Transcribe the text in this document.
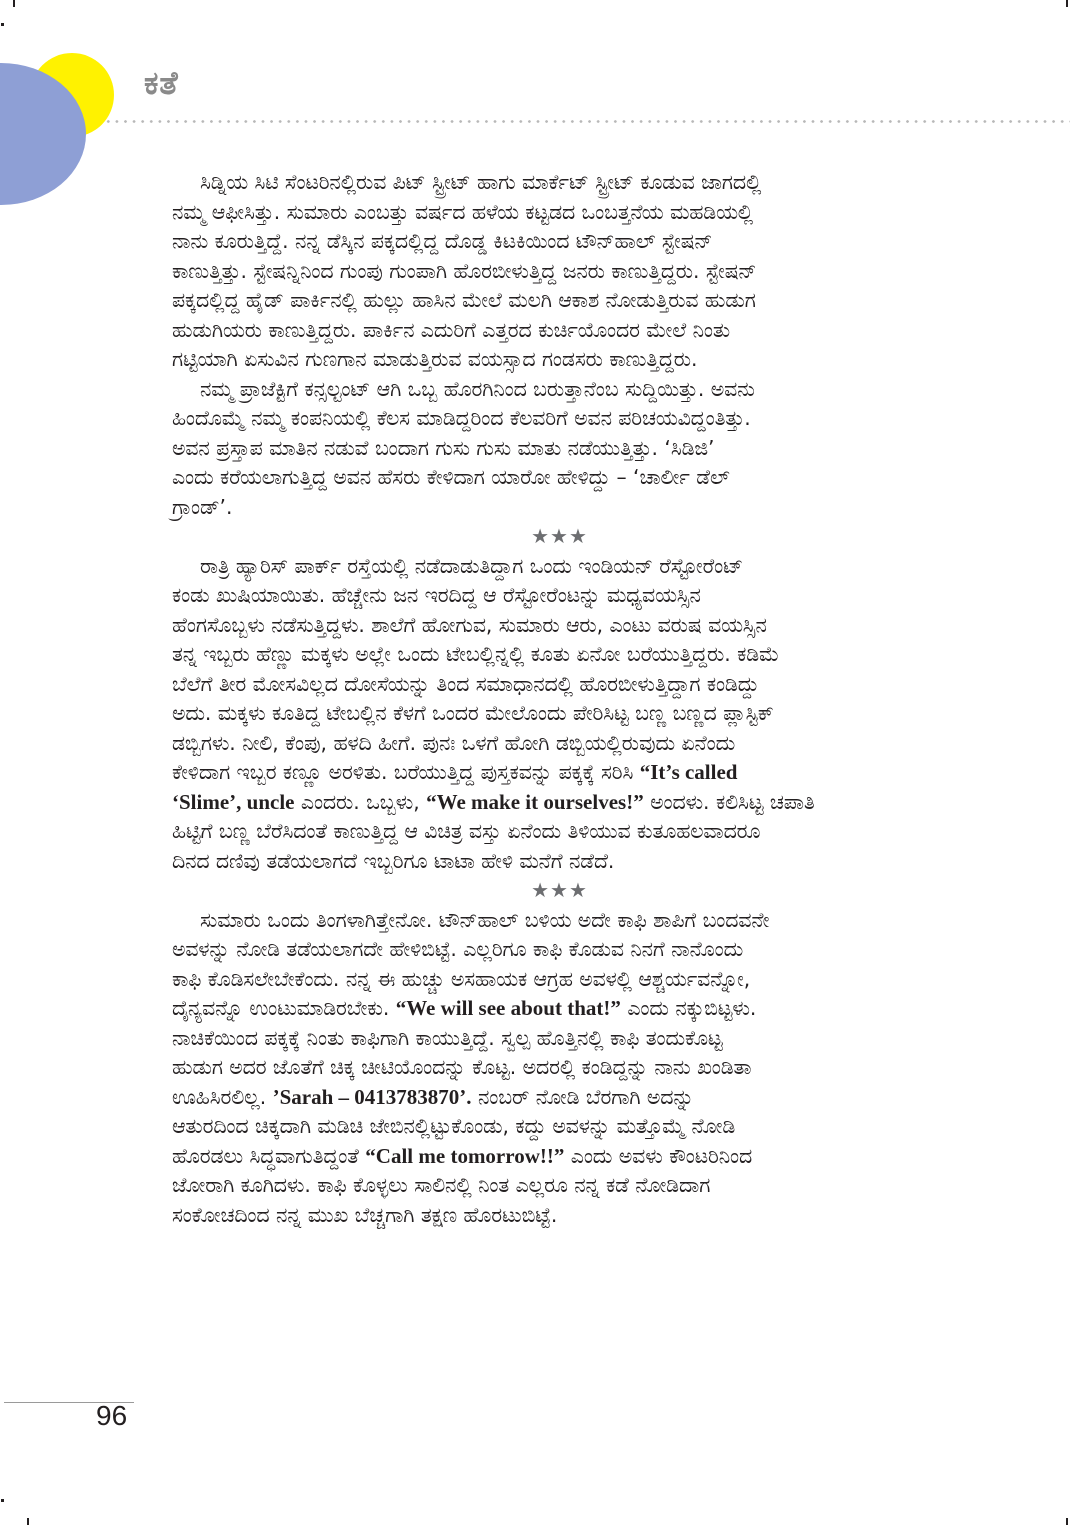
ಕತೆ
ಸಿಡ್ನಿಯ ಸಿಟಿ ಸೆಂಟರಿನಲ್ಲಿರುವ ಪಿಟ್ ಸ್ಟ್ರೀಟ್ ಹಾಗು ಮಾರ್ಕೆಟ್ ಸ್ಟ್ರೀಟ್ ಕೂಡುವ ಜಾಗದಲ್ಲಿ
ನಮ್ಮ ಆಫೀಸಿತ್ತು. ಸುಮಾರು ಎಂಬತ್ತು ವರ್ಷದ ಹಳೆಯ ಕಟ್ಟಡದ ಒಂಬತ್ತನೆಯ ಮಹಡಿಯಲ್ಲಿ
ನಾನು ಕೂರುತ್ತಿದ್ದೆ. ನನ್ನ ಡೆಸ್ಕಿನ ಪಕ್ಕದಲ್ಲಿದ್ದ ದೊಡ್ಡ ಕಿಟಕಿಯಿಂದ ಟೌನ್‌ಹಾಲ್ ಸ್ಟೇಷನ್
ಕಾಣುತ್ತಿತ್ತು. ಸ್ಟೇಷನ್ನಿನಿಂದ ಗುಂಪು ಗುಂಪಾಗಿ ಹೊರಬೀಳುತ್ತಿದ್ದ ಜನರು ಕಾಣುತ್ತಿದ್ದರು. ಸ್ಟೇಷನ್
ಪಕ್ಕದಲ್ಲಿದ್ದ ಹೈಡ್ ಪಾರ್ಕಿನಲ್ಲಿ ಹುಲ್ಲು ಹಾಸಿನ ಮೇಲೆ ಮಲಗಿ ಆಕಾಶ ನೋಡುತ್ತಿರುವ ಹುಡುಗ
ಹುಡುಗಿಯರು ಕಾಣುತ್ತಿದ್ದರು. ಪಾರ್ಕಿನ ಎದುರಿಗೆ ಎತ್ತರದ ಕುರ್ಚಿಯೊಂದರ ಮೇಲೆ ನಿಂತು
ಗಟ್ಟಿಯಾಗಿ ಏಸುವಿನ ಗುಣಗಾನ ಮಾಡುತ್ತಿರುವ ವಯಸ್ಸಾದ ಗಂಡಸರು ಕಾಣುತ್ತಿದ್ದರು.
ನಮ್ಮ ಪ್ರಾಜೆಕ್ಟಿಗೆ ಕನ್ಸಲ್ಟಂಟ್ ಆಗಿ ಒಬ್ಬ ಹೊರಗಿನಿಂದ ಬರುತ್ತಾನೆಂಬ ಸುದ್ದಿಯಿತ್ತು. ಅವನು
ಹಿಂದೊಮ್ಮೆ ನಮ್ಮ ಕಂಪನಿಯಲ್ಲಿ ಕೆಲಸ ಮಾಡಿದ್ದರಿಂದ ಕೆಲವರಿಗೆ ಅವನ ಪರಿಚಯವಿದ್ದಂತಿತ್ತು.
ಅವನ ಪ್ರಸ್ತಾಪ ಮಾತಿನ ನಡುವೆ ಬಂದಾಗ ಗುಸು ಗುಸು ಮಾತು ನಡೆಯುತ್ತಿತ್ತು. ‘ಸಿಡಿಜಿ’
ಎಂದು ಕರೆಯಲಾಗುತ್ತಿದ್ದ ಅವನ ಹೆಸರು ಕೇಳಿದಾಗ ಯಾರೋ ಹೇಳಿದ್ದು – ‘ಚಾರ್ಲೀ ಡೆಲ್
ಗ್ರಾಂಡ್’.
★★★
ರಾತ್ರಿ ಹ್ಯಾರಿಸ್ ಪಾರ್ಕ್ ರಸ್ತೆಯಲ್ಲಿ ನಡೆದಾಡುತಿದ್ದಾಗ ಒಂದು ಇಂಡಿಯನ್ ರೆಸ್ಟೋರೆಂಟ್
ಕಂಡು ಖುಷಿಯಾಯಿತು. ಹೆಚ್ಚೇನು ಜನ ಇರದಿದ್ದ ಆ ರೆಸ್ಟೋರೆಂಟನ್ನು ಮಧ್ಯವಯಸ್ಸಿನ
ಹೆಂಗಸೊಬ್ಬಳು ನಡೆಸುತ್ತಿದ್ದಳು. ಶಾಲೆಗೆ ಹೋಗುವ, ಸುಮಾರು ಆರು, ಎಂಟು ವರುಷ ವಯಸ್ಸಿನ
ತನ್ನ ಇಬ್ಬರು ಹೆಣ್ಣು ಮಕ್ಕಳು ಅಲ್ಲೇ ಒಂದು ಟೇಬಲ್ಲಿನ್ನಲ್ಲಿ ಕೂತು ಏನೋ ಬರೆಯುತ್ತಿದ್ದರು. ಕಡಿಮೆ
ಬೆಲೆಗೆ ತೀರ ಮೋಸವಿಲ್ಲದ ದೋಸೆಯನ್ನು ತಿಂದ ಸಮಾಧಾನದಲ್ಲಿ ಹೊರಬೀಳುತ್ತಿದ್ದಾಗ ಕಂಡಿದ್ದು
ಅದು. ಮಕ್ಕಳು ಕೂತಿದ್ದ ಟೇಬಲ್ಲಿನ ಕೆಳಗೆ ಒಂದರ ಮೇಲೊಂದು ಪೇರಿಸಿಟ್ಟ ಬಣ್ಣ ಬಣ್ಣದ ಪ್ಲಾಸ್ಟಿಕ್
ಡಬ್ಬಿಗಳು. ನೀಲಿ, ಕೆಂಪು, ಹಳದಿ ಹೀಗೆ. ಪುನಃ ಒಳಗೆ ಹೋಗಿ ಡಬ್ಬಿಯಲ್ಲಿರುವುದು ಏನೆಂದು
ಕೇಳಿದಾಗ ಇಬ್ಬರ ಕಣ್ಣೂ ಅರಳಿತು. ಬರೆಯುತ್ತಿದ್ದ ಪುಸ್ತಕವನ್ನು ಪಕ್ಕಕ್ಕೆ ಸರಿಸಿ “It’s called
‘Slime’, uncle ಎಂದರು. ಒಬ್ಬಳು, “We make it ourselves!” ಅಂದಳು. ಕಲಿಸಿಟ್ಟ ಚಪಾತಿ
ಹಿಟ್ಟಿಗೆ ಬಣ್ಣ ಬೆರೆಸಿದಂತೆ ಕಾಣುತ್ತಿದ್ದ ಆ ವಿಚಿತ್ರ ವಸ್ತು ಏನೆಂದು ತಿಳಿಯುವ ಕುತೂಹಲವಾದರೂ
ದಿನದ ದಣಿವು ತಡೆಯಲಾಗದೆ ಇಬ್ಬರಿಗೂ ಟಾಟಾ ಹೇಳಿ ಮನೆಗೆ ನಡೆದೆ.
★★★
ಸುಮಾರು ಒಂದು ತಿಂಗಳಾಗಿತ್ತೇನೋ. ಟೌನ್‌ಹಾಲ್ ಬಳಿಯ ಅದೇ ಕಾಫಿ ಶಾಪಿಗೆ ಬಂದವನೇ
ಅವಳನ್ನು ನೋಡಿ ತಡೆಯಲಾಗದೇ ಹೇಳಿಬಿಟ್ಟೆ. ಎಲ್ಲರಿಗೂ ಕಾಫಿ ಕೊಡುವ ನಿನಗೆ ನಾನೊಂದು
ಕಾಫಿ ಕೊಡಿಸಲೇಬೇಕೆಂದು. ನನ್ನ ಈ ಹುಚ್ಚು ಅಸಹಾಯಕ ಆಗ್ರಹ ಅವಳಲ್ಲಿ ಆಶ್ಚರ್ಯವನ್ನೋ,
ದೈನ್ಯವನ್ನೊ ಉಂಟುಮಾಡಿರಬೇಕು. “We will see about that!” ಎಂದು ನಕ್ಕುಬಿಟ್ಟಳು.
ನಾಚಿಕೆಯಿಂದ ಪಕ್ಕಕ್ಕೆ ನಿಂತು ಕಾಫಿಗಾಗಿ ಕಾಯುತ್ತಿದ್ದೆ. ಸ್ವಲ್ಪ ಹೊತ್ತಿನಲ್ಲಿ ಕಾಫಿ ತಂದುಕೊಟ್ಟ
ಹುಡುಗ ಅದರ ಜೊತೆಗೆ ಚಿಕ್ಕ ಚೀಟಿಯೊಂದನ್ನು ಕೊಟ್ಟ. ಅದರಲ್ಲಿ ಕಂಡಿದ್ದನ್ನು ನಾನು ಖಂಡಿತಾ
ಊಹಿಸಿರಲಿಲ್ಲ. ’Sarah – 0413783870’. ನಂಬರ್ ನೋಡಿ ಬೆರಗಾಗಿ ಅದನ್ನು
ಆತುರದಿಂದ ಚಿಕ್ಕದಾಗಿ ಮಡಿಚಿ ಜೇಬಿನಲ್ಲಿಟ್ಟುಕೊಂಡು, ಕದ್ದು ಅವಳನ್ನು ಮತ್ತೊಮ್ಮೆ ನೋಡಿ
ಹೊರಡಲು ಸಿದ್ಧವಾಗುತಿದ್ದಂತೆ “Call me tomorrow!!” ಎಂದು ಅವಳು ಕೌಂಟರಿನಿಂದ
ಜೋರಾಗಿ ಕೂಗಿದಳು. ಕಾಫಿ ಕೊಳ್ಳಲು ಸಾಲಿನಲ್ಲಿ ನಿಂತ ಎಲ್ಲರೂ ನನ್ನ ಕಡೆ ನೋಡಿದಾಗ
ಸಂಕೋಚದಿಂದ ನನ್ನ ಮುಖ ಬೆಚ್ಚಗಾಗಿ ತಕ್ಷಣ ಹೊರಟುಬಿಟ್ಟೆ.
96
